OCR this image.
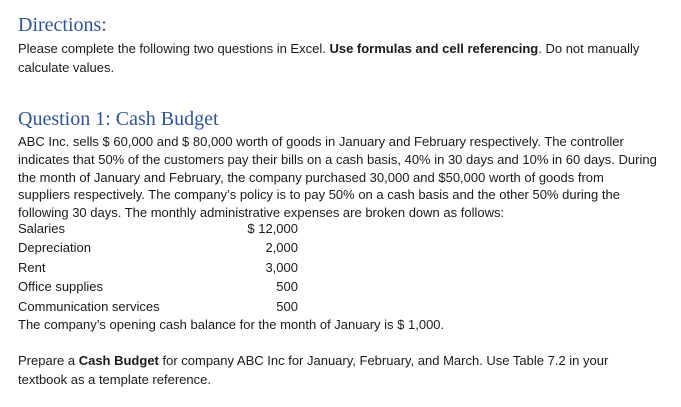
Directions:

Please complete the following two questions in Excel. Use formulas and cell referencing. Do not manually calculate values.

Question 1: Cash Budget

ABC Inc. sells $ 60,000 and $ 80,000 worth of goods in January and February respectively. The controller indicates that 50% of the customers pay their bills on a cash basis, 40% in 30 days and 10% in 60 days. During the month of January and February, the company purchased 30,000 and $50,000 worth of goods from suppliers respectively. The company’s policy is to pay 50% on a cash basis and the other 50% during the following 30 days. The monthly administrative expenses are broken down as follows:

Salaries	$ 12,000
Depreciation	2,000
Rent	3,000
Office supplies	500
Communication services	500

The company’s opening cash balance for the month of January is $ 1,000.

Prepare a Cash Budget for company ABC Inc for January, February, and March. Use Table 7.2 in your textbook as a template reference.
